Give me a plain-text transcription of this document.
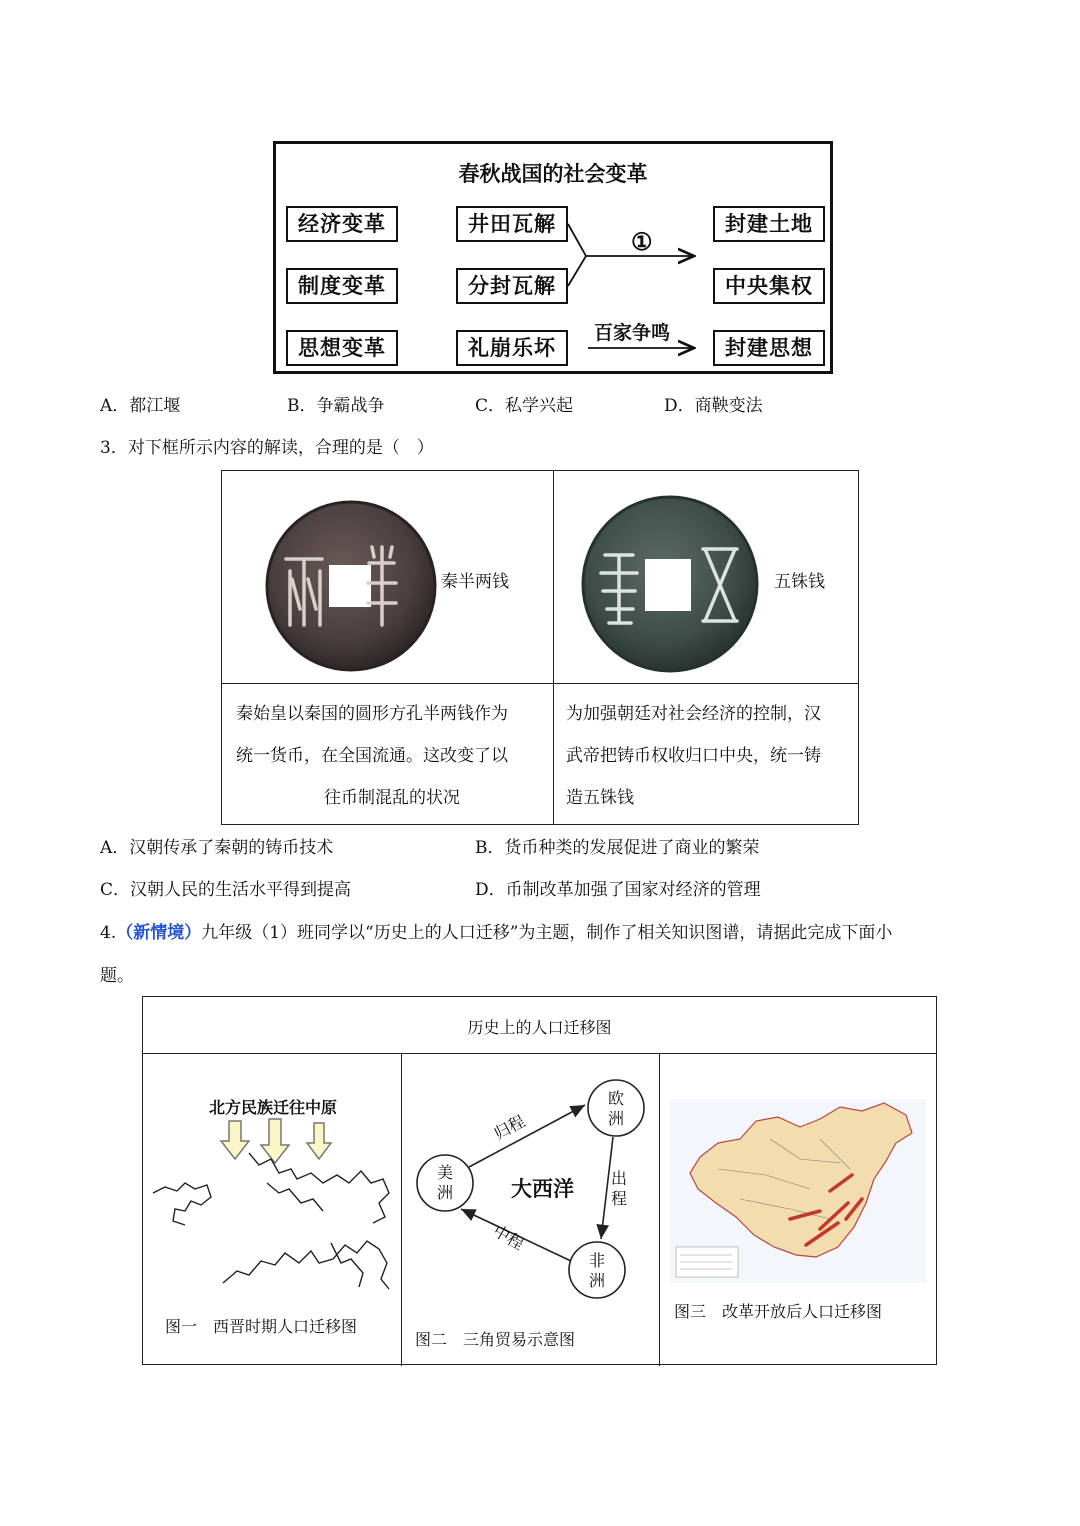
春秋战国的社会变革
经济变革
制度变革
思想变革
井田瓦解
分封瓦解
礼崩乐坏
封建土地
中央集权
封建思想
①
百家争鸣
A．都江堰	B．争霸战争	C．私学兴起	D．商鞅变法
3．对下框所示内容的解读，合理的是（　）
秦半两钱	五铢钱
秦始皇以秦国的圆形方孔半两钱作为
统一货币，在全国流通。这改变了以
往币制混乱的状况
为加强朝廷对社会经济的控制，汉
武帝把铸币权收归口中央，统一铸
造五铢钱
A．汉朝传承了秦朝的铸币技术	B．货币种类的发展促进了商业的繁荣
C．汉朝人民的生活水平得到提高	D．币制改革加强了国家对经济的管理
4.（新情境）九年级（1）班同学以“历史上的人口迁移”为主题，制作了相关知识图谱，请据此完成下面小
题。
历史上的人口迁移图
北方民族迁往中原
图一　西晋时期人口迁移图
欧洲
美洲
非洲
大西洋
归程
出程
中程
图二　三角贸易示意图
图三　改革开放后人口迁移图
